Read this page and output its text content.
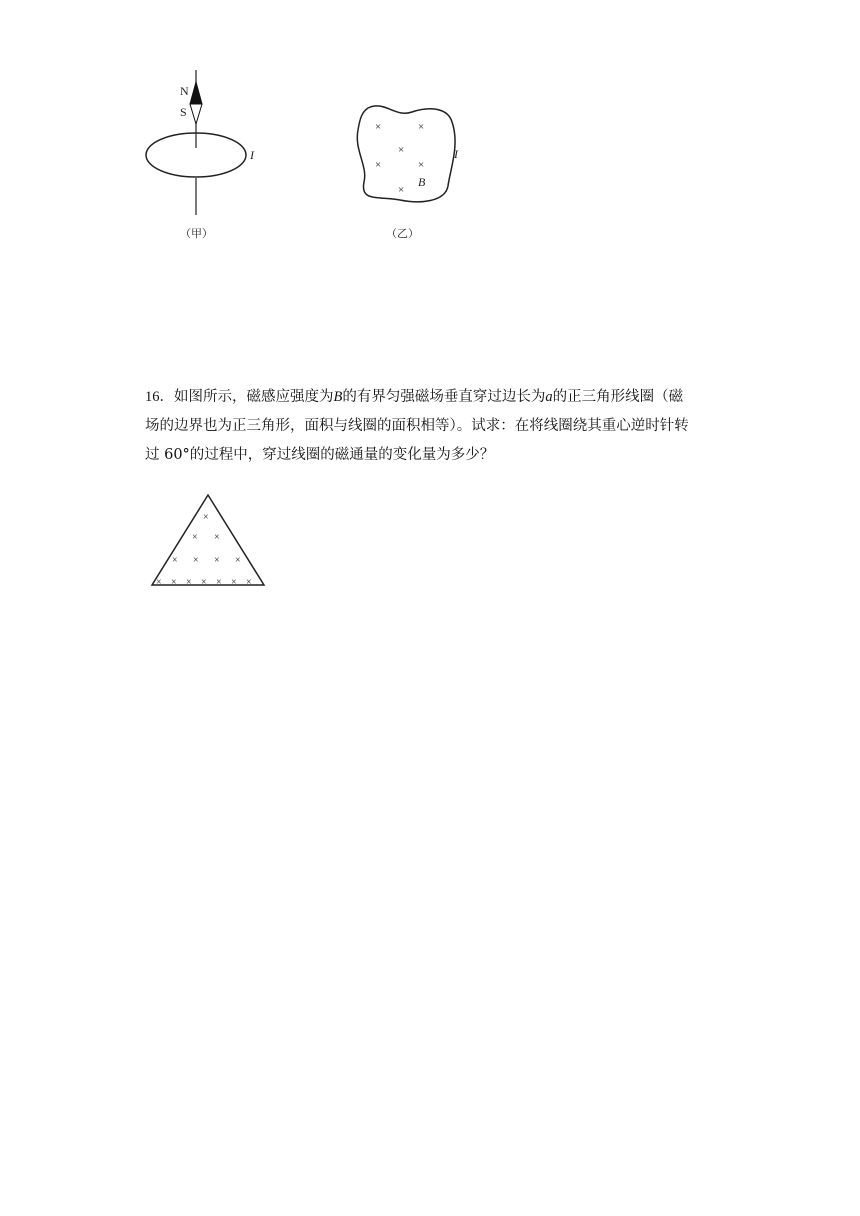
N
S
I
（甲）
×	×
×
×	×
×
B
I
（乙）

16．如图所示，磁感应强度为B的有界匀强磁场垂直穿过边长为a的正三角形线圈（磁

场的边界也为正三角形，面积与线圈的面积相等）。试求：在将线圈绕其重心逆时针转

过 60°的过程中，穿过线圈的磁通量的变化量为多少？

×
× ×
× × × ×
× × × × × × ×
